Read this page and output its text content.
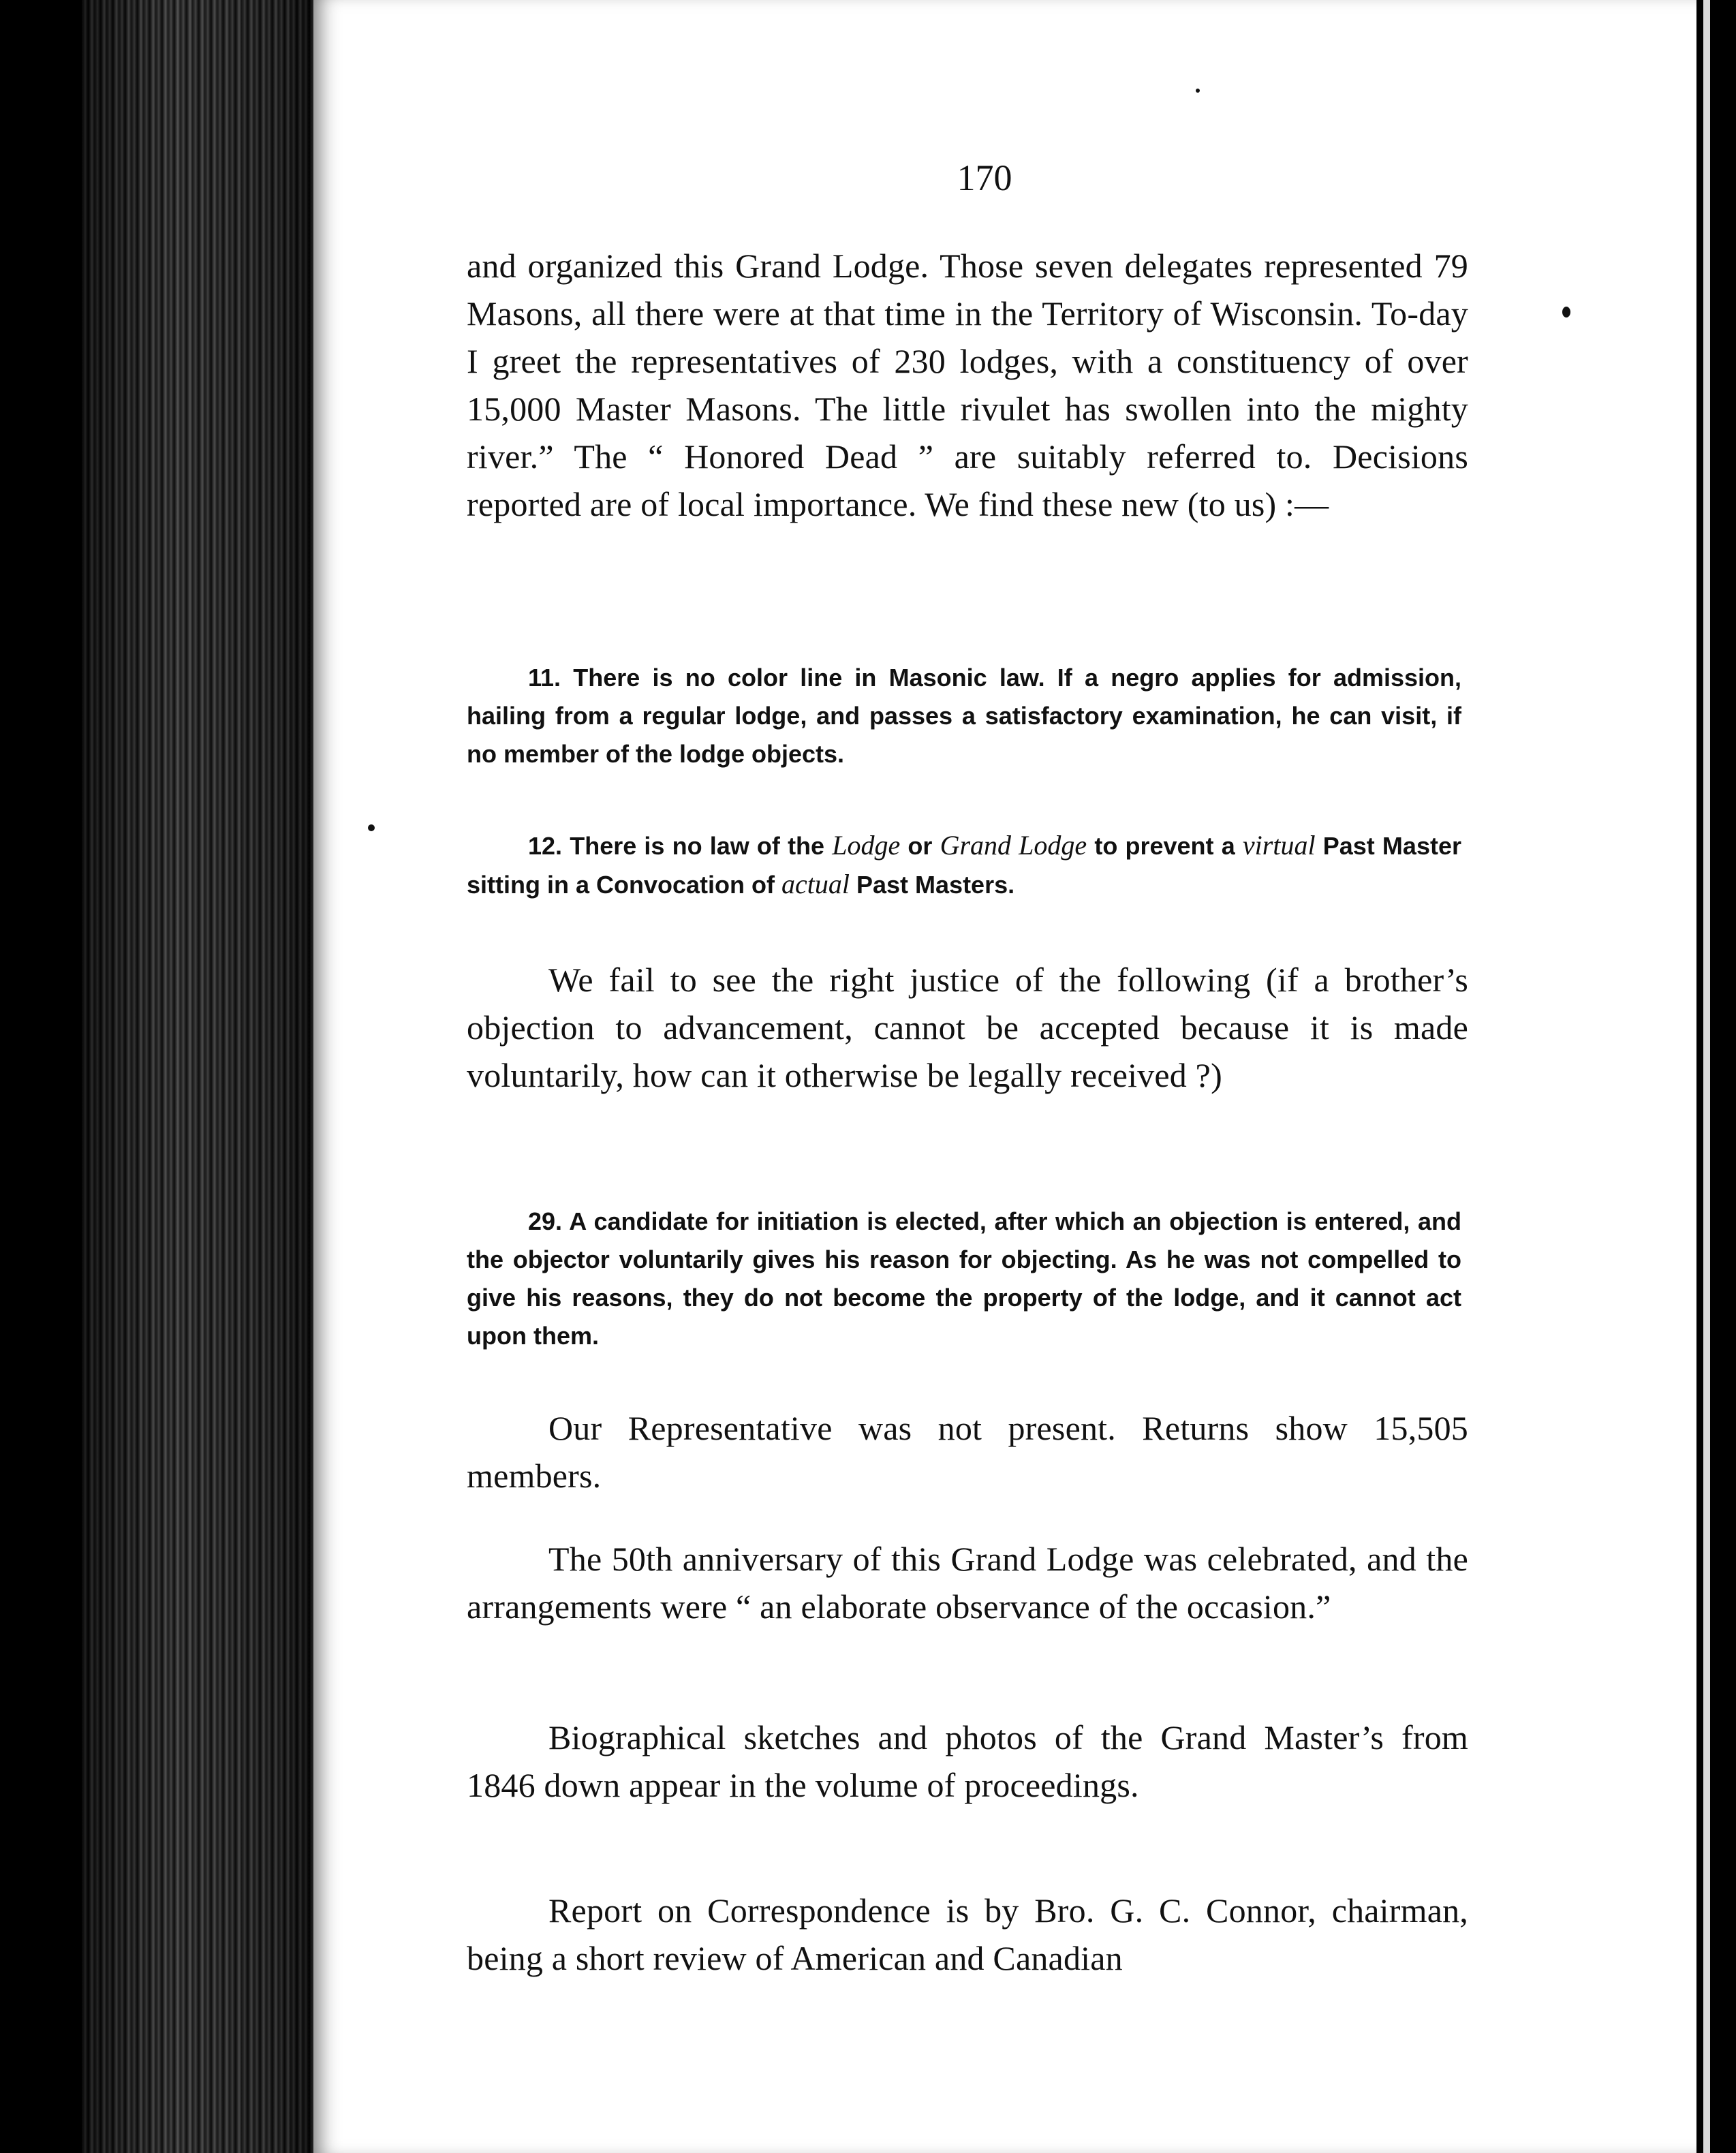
170

and organized this Grand Lodge. Those seven delegates represented 79 Masons, all there were at that time in the Territory of Wisconsin. To-day I greet the representatives of 230 lodges, with a constituency of over 15,000 Master Masons. The little rivulet has swollen into the mighty river.” The “ Honored Dead ” are suitably referred to. Decisions reported are of local importance. We find these new (to us) :—

11. There is no color line in Masonic law. If a negro applies for admission, hailing from a regular lodge, and passes a satisfactory examination, he can visit, if no member of the lodge objects.

12. There is no law of the Lodge or Grand Lodge to prevent a virtual Past Master sitting in a Convocation of actual Past Masters.

We fail to see the right justice of the following (if a brother’s objection to advancement, cannot be accepted because it is made voluntarily, how can it otherwise be legally received ?)

29. A candidate for initiation is elected, after which an objection is entered, and the objector voluntarily gives his reason for objecting. As he was not compelled to give his reasons, they do not become the property of the lodge, and it cannot act upon them.

Our Representative was not present. Returns show 15,505 members.

The 50th anniversary of this Grand Lodge was celebrated, and the arrangements were “ an elaborate observance of the occasion.”

Biographical sketches and photos of the Grand Master’s from 1846 down appear in the volume of proceedings.

Report on Correspondence is by Bro. G. C. Connor, chairman, being a short review of American and Canadian
